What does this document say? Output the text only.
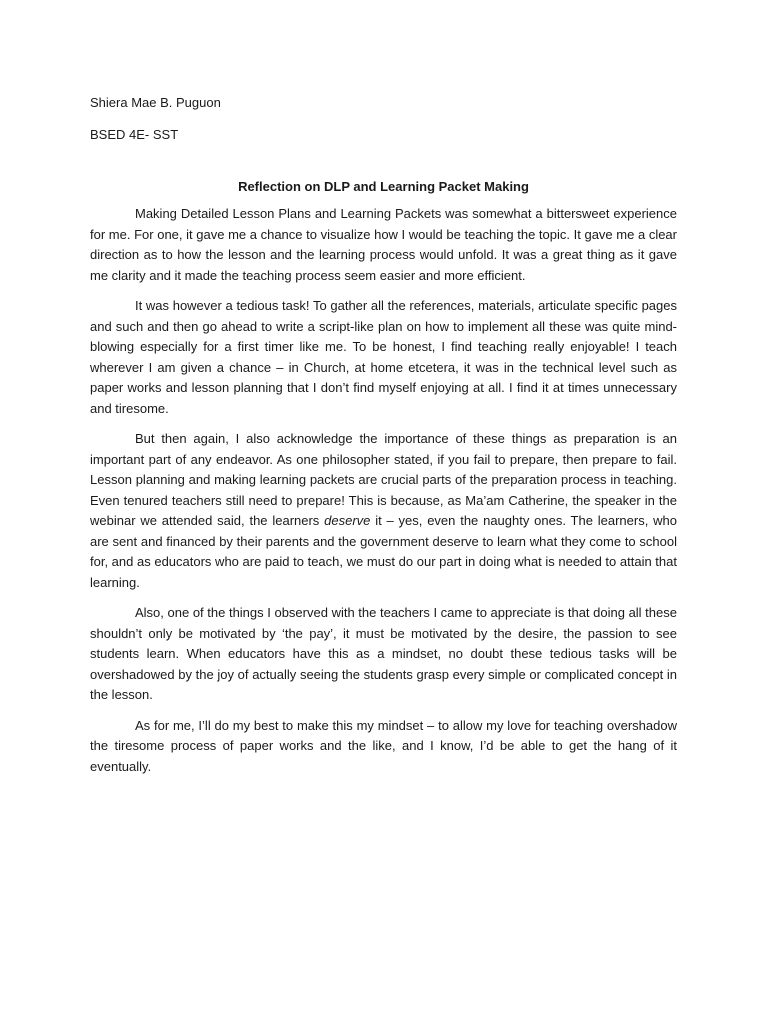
Shiera Mae B. Puguon

BSED 4E- SST

Reflection on DLP and Learning Packet Making

Making Detailed Lesson Plans and Learning Packets was somewhat a bittersweet experience for me. For one, it gave me a chance to visualize how I would be teaching the topic. It gave me a clear direction as to how the lesson and the learning process would unfold. It was a great thing as it gave me clarity and it made the teaching process seem easier and more efficient.

It was however a tedious task! To gather all the references, materials, articulate specific pages and such and then go ahead to write a script-like plan on how to implement all these was quite mind-blowing especially for a first timer like me. To be honest, I find teaching really enjoyable! I teach wherever I am given a chance – in Church, at home etcetera, it was in the technical level such as paper works and lesson planning that I don’t find myself enjoying at all. I find it at times unnecessary and tiresome.

But then again, I also acknowledge the importance of these things as preparation is an important part of any endeavor. As one philosopher stated, if you fail to prepare, then prepare to fail. Lesson planning and making learning packets are crucial parts of the preparation process in teaching. Even tenured teachers still need to prepare! This is because, as Ma’am Catherine, the speaker in the webinar we attended said, the learners deserve it – yes, even the naughty ones. The learners, who are sent and financed by their parents and the government deserve to learn what they come to school for, and as educators who are paid to teach, we must do our part in doing what is needed to attain that learning.

Also, one of the things I observed with the teachers I came to appreciate is that doing all these shouldn’t only be motivated by ‘the pay’, it must be motivated by the desire, the passion to see students learn. When educators have this as a mindset, no doubt these tedious tasks will be overshadowed by the joy of actually seeing the students grasp every simple or complicated concept in the lesson.

As for me, I’ll do my best to make this my mindset – to allow my love for teaching overshadow the tiresome process of paper works and the like, and I know, I’d be able to get the hang of it eventually.
